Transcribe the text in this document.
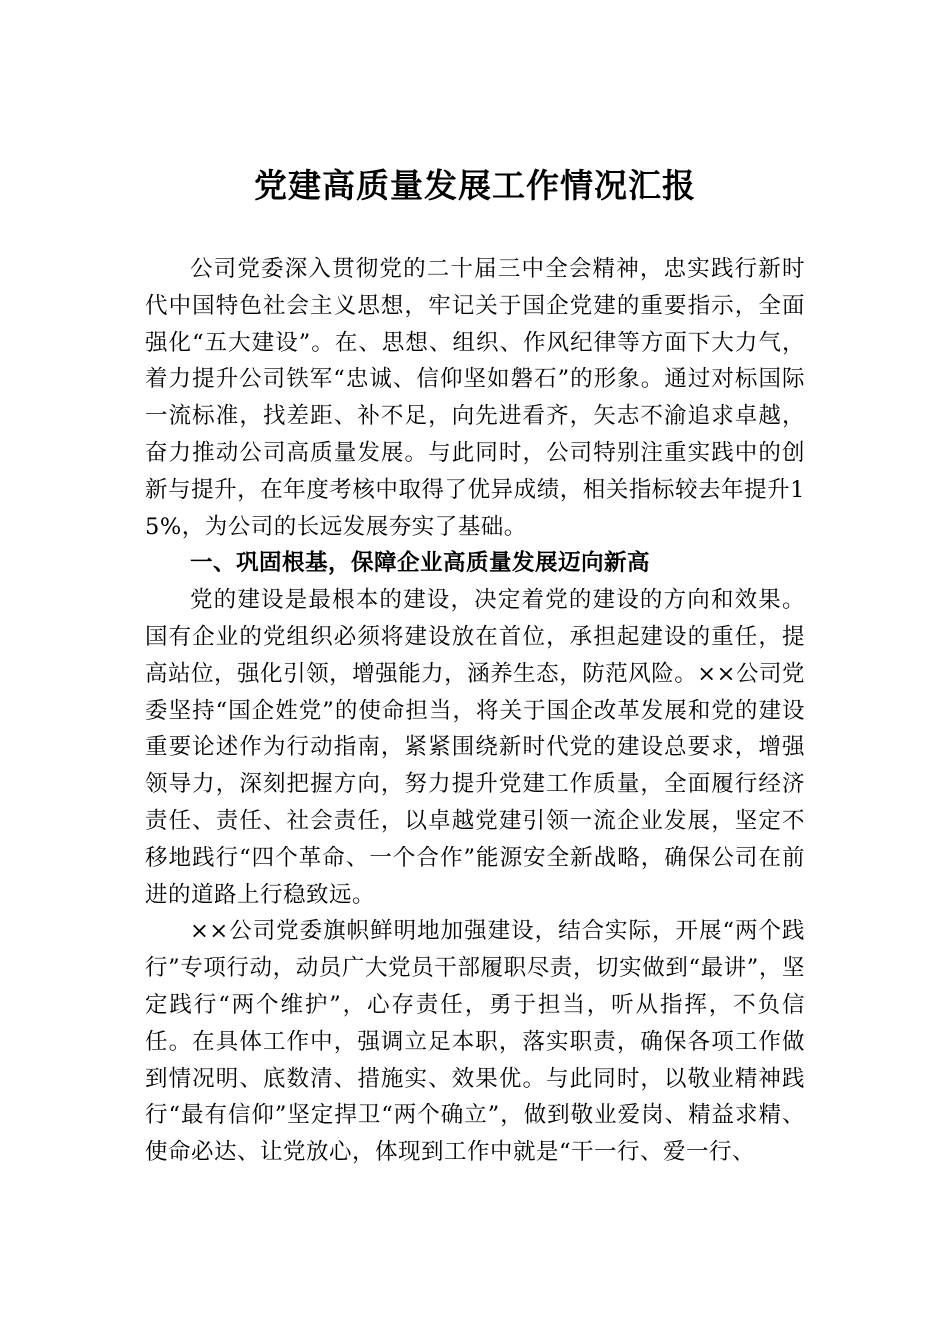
党建高质量发展工作情况汇报

公司党委深入贯彻党的二十届三中全会精神，忠实践行新时代中国特色社会主义思想，牢记关于国企党建的重要指示，全面强化“五大建设”。在、思想、组织、作风纪律等方面下大力气，着力提升公司铁军“忠诚、信仰坚如磐石”的形象。通过对标国际一流标准，找差距、补不足，向先进看齐，矢志不渝追求卓越，奋力推动公司高质量发展。与此同时，公司特别注重实践中的创新与提升，在年度考核中取得了优异成绩，相关指标较去年提升15%，为公司的长远发展夯实了基础。

一、巩固根基，保障企业高质量发展迈向新高

党的建设是最根本的建设，决定着党的建设的方向和效果。国有企业的党组织必须将建设放在首位，承担起建设的重任，提高站位，强化引领，增强能力，涵养生态，防范风险。××公司党委坚持“国企姓党”的使命担当，将关于国企改革发展和党的建设重要论述作为行动指南，紧紧围绕新时代党的建设总要求，增强领导力，深刻把握方向，努力提升党建工作质量，全面履行经济责任、责任、社会责任，以卓越党建引领一流企业发展，坚定不移地践行“四个革命、一个合作”能源安全新战略，确保公司在前进的道路上行稳致远。

××公司党委旗帜鲜明地加强建设，结合实际，开展“两个践行”专项行动，动员广大党员干部履职尽责，切实做到“最讲”，坚定践行“两个维护”，心存责任，勇于担当，听从指挥，不负信任。在具体工作中，强调立足本职，落实职责，确保各项工作做到情况明、底数清、措施实、效果优。与此同时，以敬业精神践行“最有信仰”坚定捍卫“两个确立”，做到敬业爱岗、精益求精、使命必达、让党放心，体现到工作中就是“干一行、爱一行、
